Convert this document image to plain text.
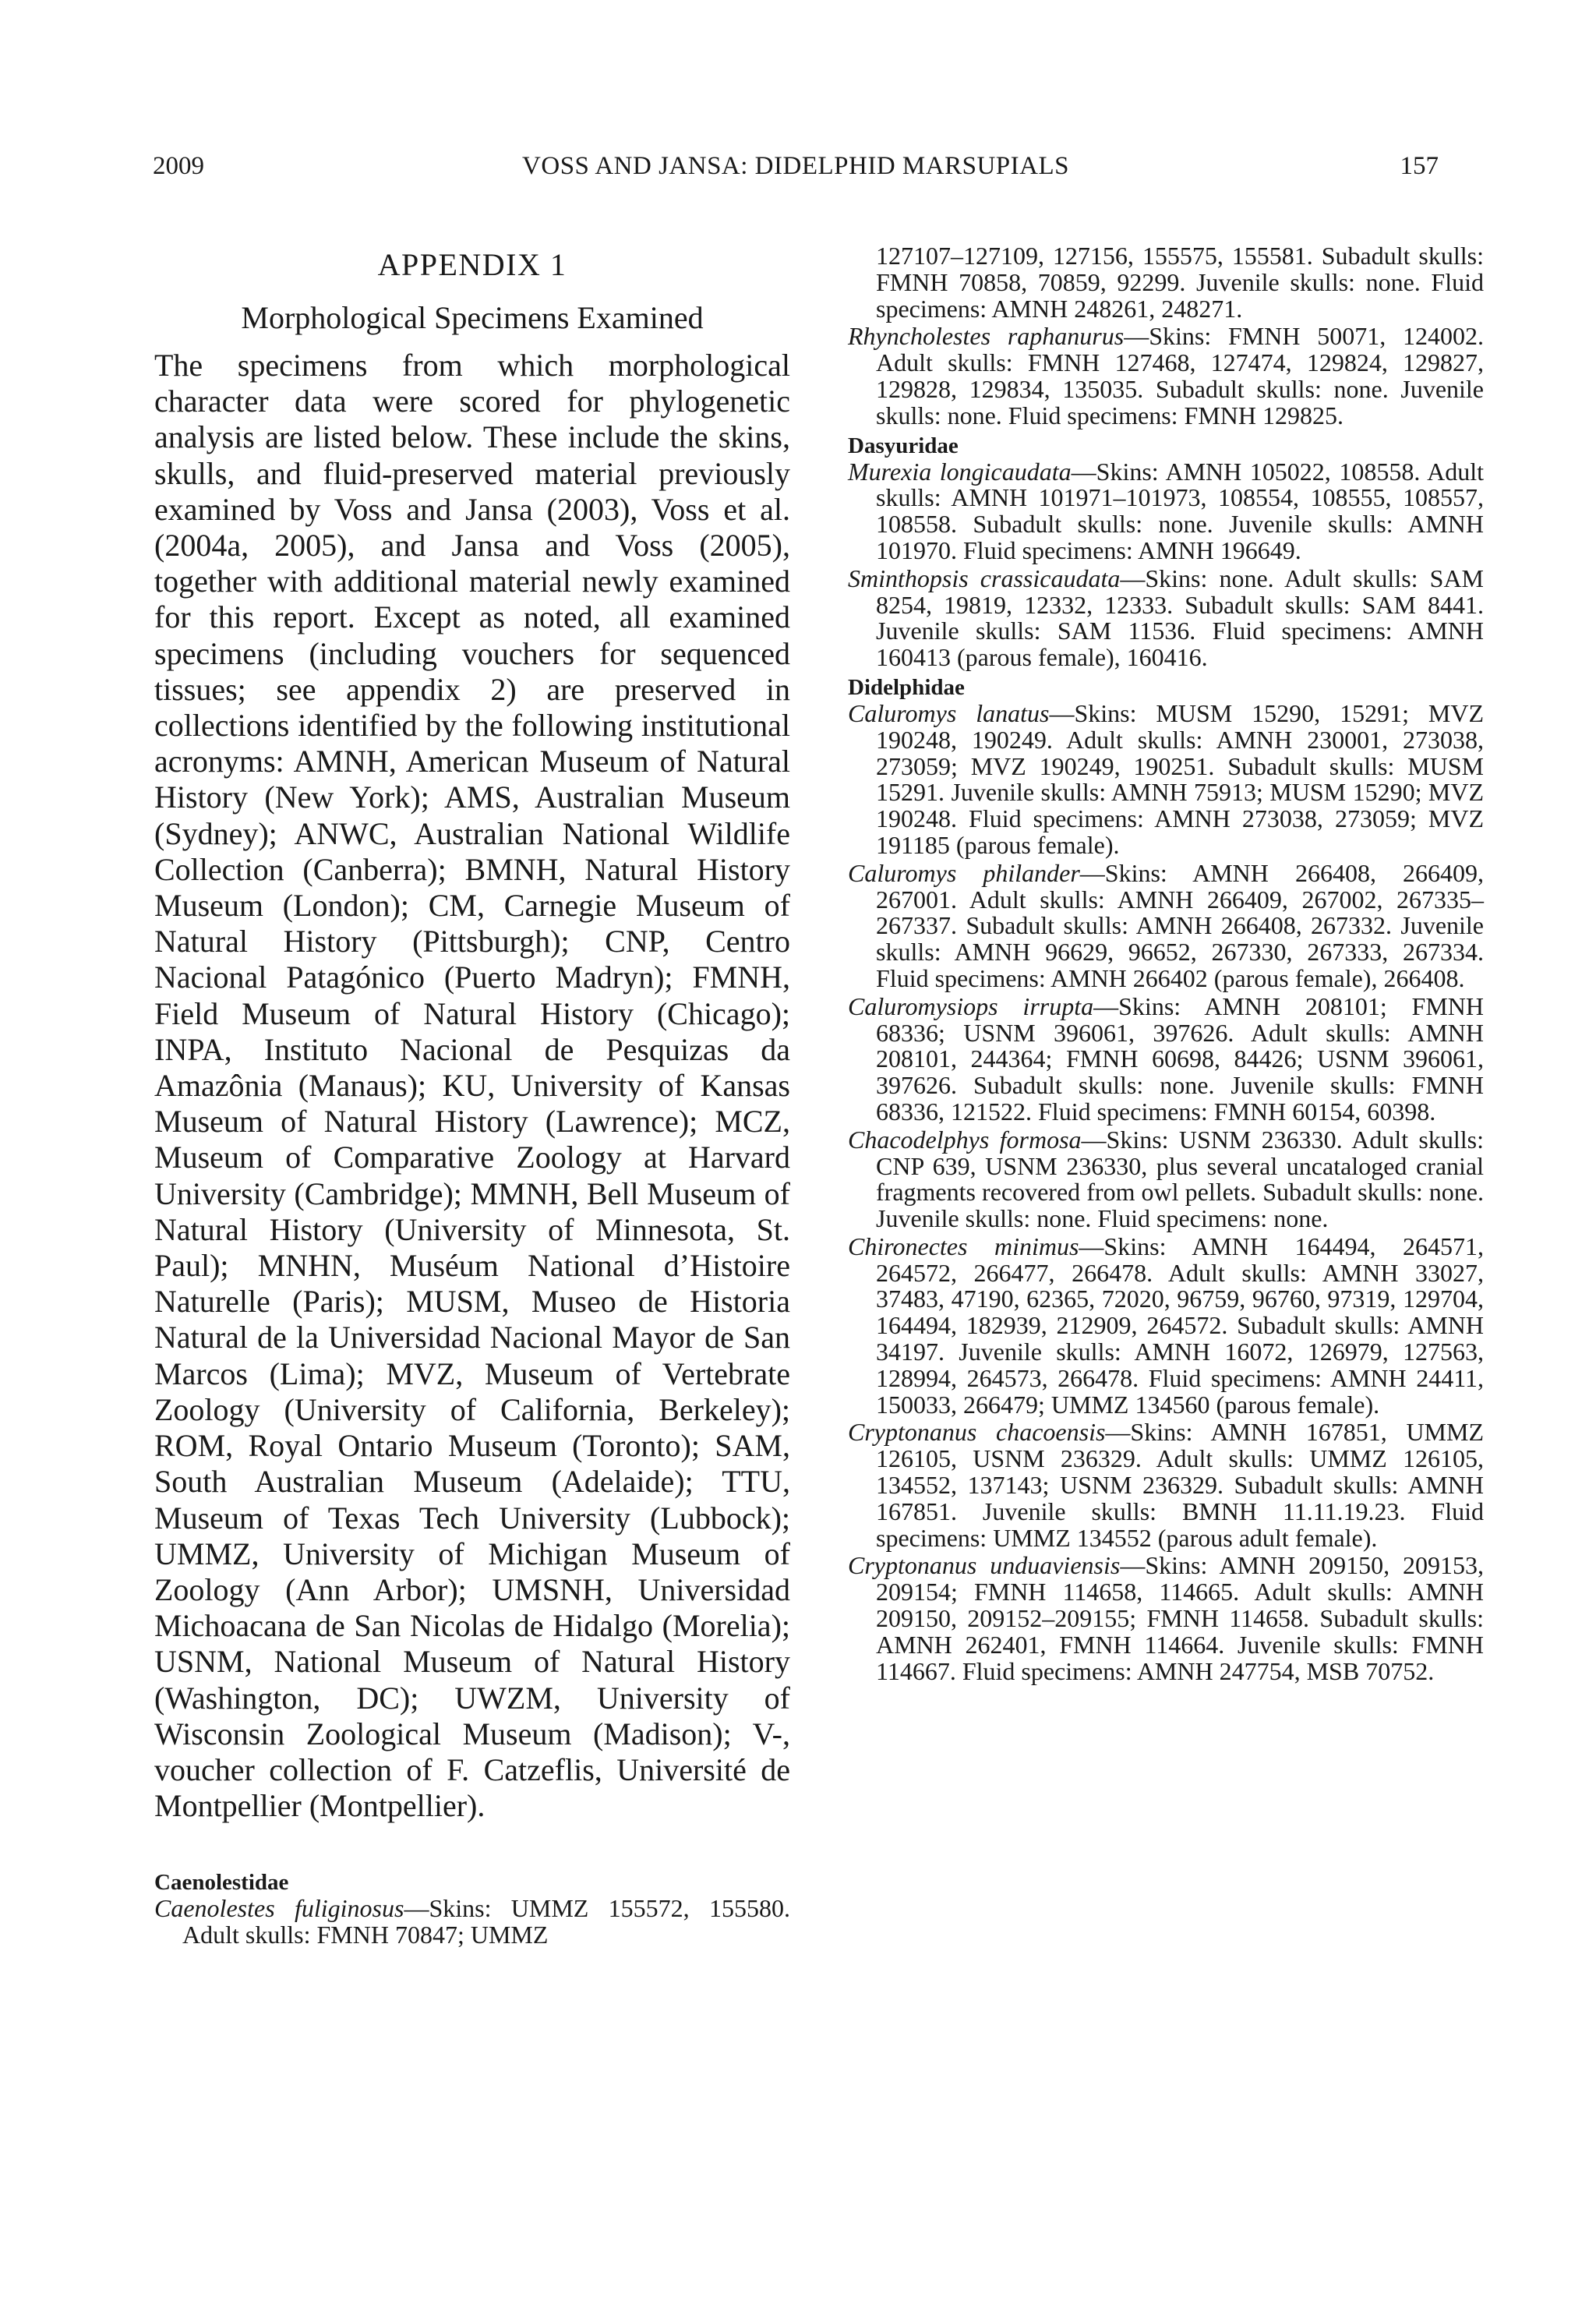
2009	VOSS AND JANSA: DIDELPHID MARSUPIALS	157
APPENDIX 1
Morphological Specimens Examined

The specimens from which morphological character data were scored for phylogenetic analysis are listed below. These include the skins, skulls, and fluid-preserved material previously examined by Voss and Jansa (2003), Voss et al. (2004a, 2005), and Jansa and Voss (2005), together with additional material newly examined for this report. Except as noted, all examined specimens (including vouchers for sequenced tissues; see appendix 2) are preserved in collections identified by the following institutional acronyms: AMNH, American Museum of Natural History (New York); AMS, Australian Museum (Sydney); ANWC, Australian National Wildlife Collection (Canberra); BMNH, Natural History Museum (London); CM, Carnegie Museum of Natural History (Pittsburgh); CNP, Centro Nacional Patagónico (Puerto Madryn); FMNH, Field Museum of Natural History (Chicago); INPA, Instituto Nacional de Pesquizas da Amazônia (Manaus); KU, University of Kansas Museum of Natural History (Lawrence); MCZ, Museum of Comparative Zoology at Harvard University (Cambridge); MMNH, Bell Museum of Natural History (University of Minnesota, St. Paul); MNHN, Muséum National d’Histoire Naturelle (Paris); MUSM, Museo de Historia Natural de la Universidad Nacional Mayor de San Marcos (Lima); MVZ, Museum of Vertebrate Zoology (University of California, Berkeley); ROM, Royal Ontario Museum (Toronto); SAM, South Australian Museum (Adelaide); TTU, Museum of Texas Tech University (Lubbock); UMMZ, University of Michigan Museum of Zoology (Ann Arbor); UMSNH, Universidad Michoacana de San Nicolas de Hidalgo (Morelia); USNM, National Museum of Natural History (Washington, DC); UWZM, University of Wisconsin Zoological Museum (Madison); V-, voucher collection of F. Catzeflis, Université de Montpellier (Montpellier).

Caenolestidae

Caenolestes fuliginosus—Skins: UMMZ 155572, 155580. Adult skulls: FMNH 70847; UMMZ

127107–127109, 127156, 155575, 155581. Subadult skulls: FMNH 70858, 70859, 92299. Juvenile skulls: none. Fluid specimens: AMNH 248261, 248271.

Rhyncholestes raphanurus—Skins: FMNH 50071, 124002. Adult skulls: FMNH 127468, 127474, 129824, 129827, 129828, 129834, 135035. Subadult skulls: none. Juvenile skulls: none. Fluid specimens: FMNH 129825.

Dasyuridae

Murexia longicaudata—Skins: AMNH 105022, 108558. Adult skulls: AMNH 101971–101973, 108554, 108555, 108557, 108558. Subadult skulls: none. Juvenile skulls: AMNH 101970. Fluid specimens: AMNH 196649.

Sminthopsis crassicaudata—Skins: none. Adult skulls: SAM 8254, 19819, 12332, 12333. Subadult skulls: SAM 8441. Juvenile skulls: SAM 11536. Fluid specimens: AMNH 160413 (parous female), 160416.

Didelphidae

Caluromys lanatus—Skins: MUSM 15290, 15291; MVZ 190248, 190249. Adult skulls: AMNH 230001, 273038, 273059; MVZ 190249, 190251. Subadult skulls: MUSM 15291. Juvenile skulls: AMNH 75913; MUSM 15290; MVZ 190248. Fluid specimens: AMNH 273038, 273059; MVZ 191185 (parous female).

Caluromys philander—Skins: AMNH 266408, 266409, 267001. Adult skulls: AMNH 266409, 267002, 267335–267337. Subadult skulls: AMNH 266408, 267332. Juvenile skulls: AMNH 96629, 96652, 267330, 267333, 267334. Fluid specimens: AMNH 266402 (parous female), 266408.

Caluromysiops irrupta—Skins: AMNH 208101; FMNH 68336; USNM 396061, 397626. Adult skulls: AMNH 208101, 244364; FMNH 60698, 84426; USNM 396061, 397626. Subadult skulls: none. Juvenile skulls: FMNH 68336, 121522. Fluid specimens: FMNH 60154, 60398.

Chacodelphys formosa—Skins: USNM 236330. Adult skulls: CNP 639, USNM 236330, plus several uncataloged cranial fragments recovered from owl pellets. Subadult skulls: none. Juvenile skulls: none. Fluid specimens: none.

Chironectes minimus—Skins: AMNH 164494, 264571, 264572, 266477, 266478. Adult skulls: AMNH 33027, 37483, 47190, 62365, 72020, 96759, 96760, 97319, 129704, 164494, 182939, 212909, 264572. Subadult skulls: AMNH 34197. Juvenile skulls: AMNH 16072, 126979, 127563, 128994, 264573, 266478. Fluid specimens: AMNH 24411, 150033, 266479; UMMZ 134560 (parous female).

Cryptonanus chacoensis—Skins: AMNH 167851, UMMZ 126105, USNM 236329. Adult skulls: UMMZ 126105, 134552, 137143; USNM 236329. Subadult skulls: AMNH 167851. Juvenile skulls: BMNH 11.11.19.23. Fluid specimens: UMMZ 134552 (parous adult female).

Cryptonanus unduaviensis—Skins: AMNH 209150, 209153, 209154; FMNH 114658, 114665. Adult skulls: AMNH 209150, 209152–209155; FMNH 114658. Subadult skulls: AMNH 262401, FMNH 114664. Juvenile skulls: FMNH 114667. Fluid specimens: AMNH 247754, MSB 70752.
